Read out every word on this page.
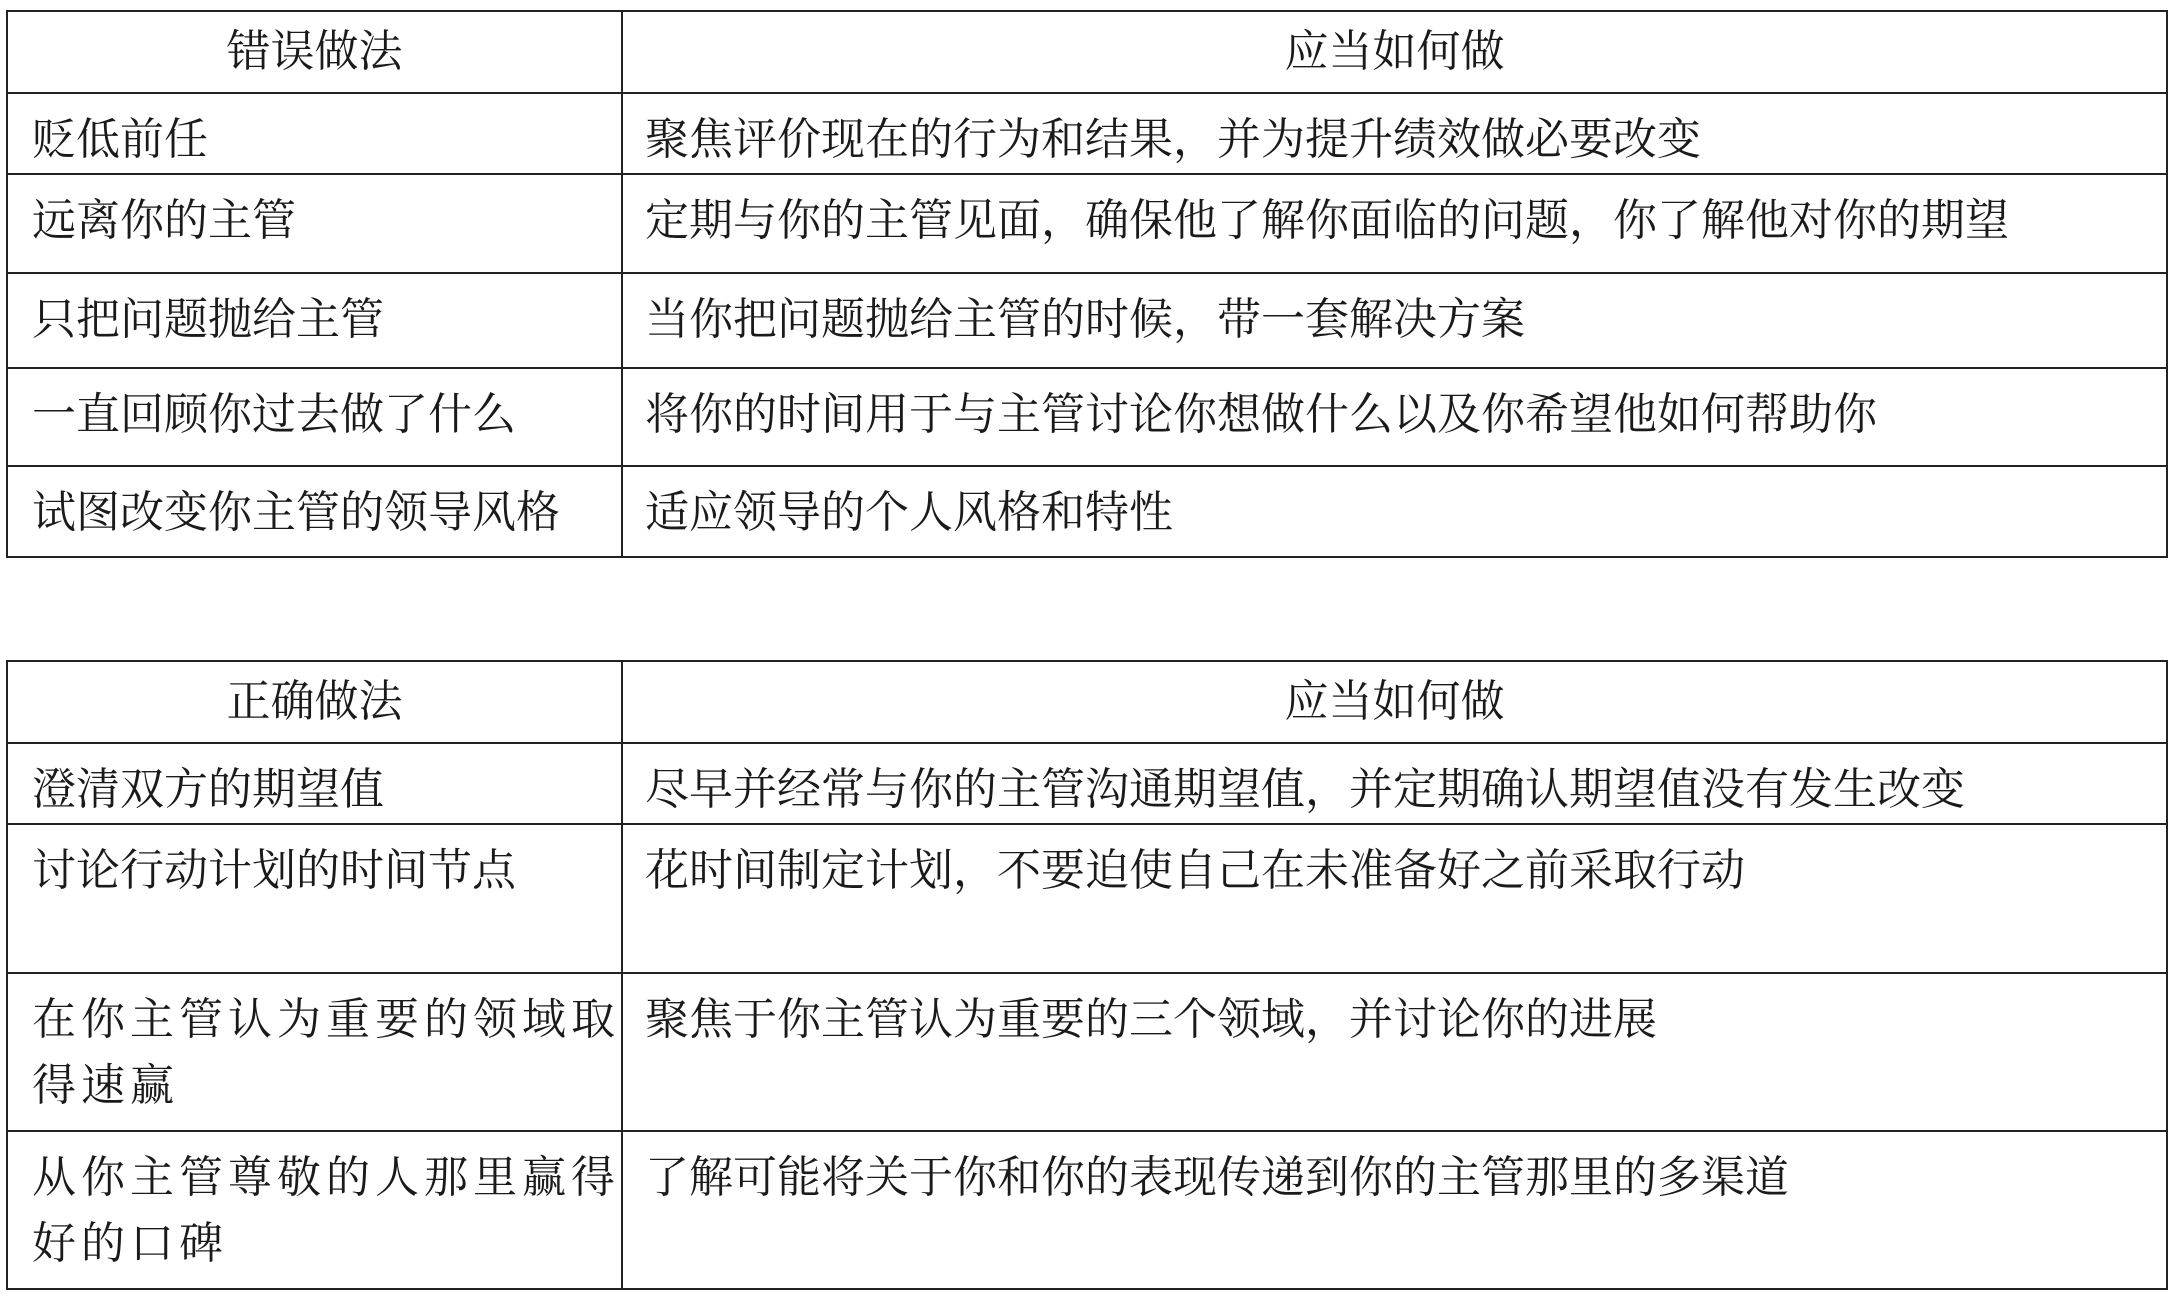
错误做法	应当如何做

贬低前任	聚焦评价现在的行为和结果，并为提升绩效做必要改变

远离你的主管	定期与你的主管见面，确保他了解你面临的问题，你了解他对你的期望

只把问题抛给主管	当你把问题抛给主管的时候，带一套解决方案

一直回顾你过去做了什么	将你的时间用于与主管讨论你想做什么以及你希望他如何帮助你

试图改变你主管的领导风格	适应领导的个人风格和特性
正确做法	应当如何做

澄清双方的期望值	尽早并经常与你的主管沟通期望值，并定期确认期望值没有发生改变

讨论行动计划的时间节点	花时间制定计划，不要迫使自己在未准备好之前采取行动

在你主管认为重要的领域取得速赢	聚焦于你主管认为重要的三个领域，并讨论你的进展

从你主管尊敬的人那里赢得好的口碑	了解可能将关于你和你的表现传递到你的主管那里的多渠道
